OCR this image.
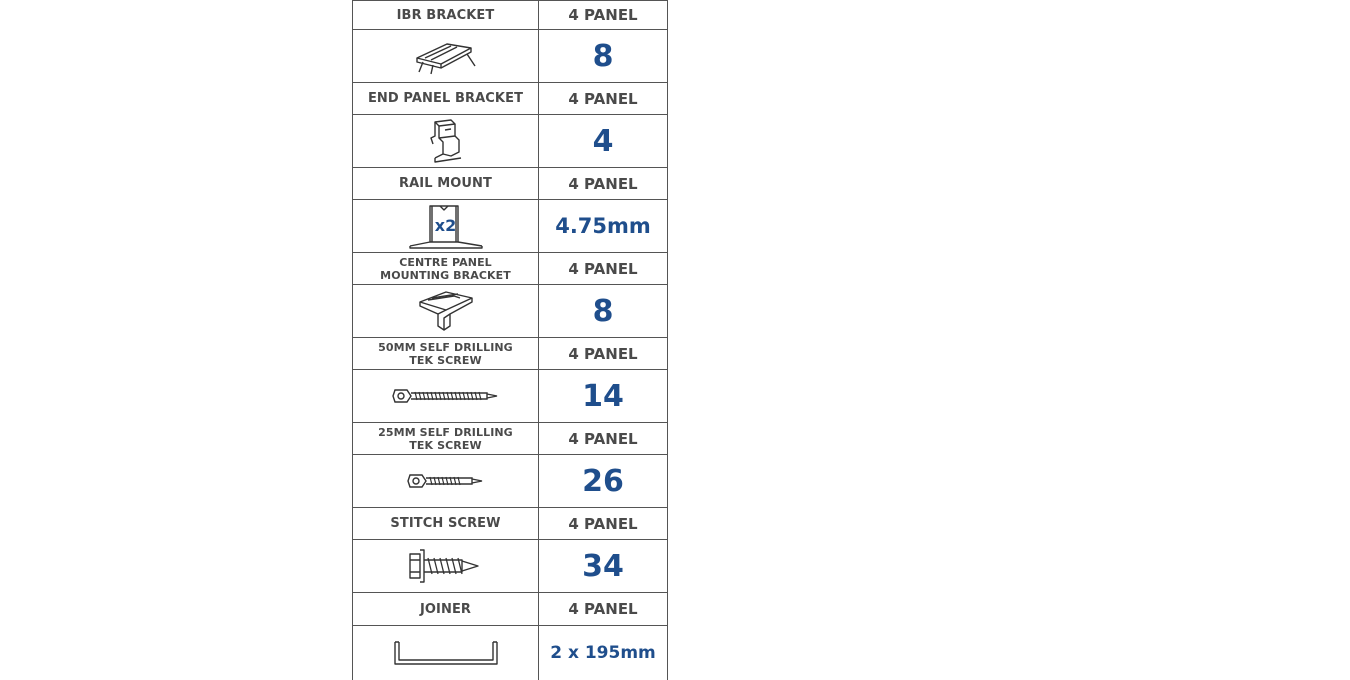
IBR BRACKET	4 PANEL
8
END PANEL BRACKET	4 PANEL
4
RAIL MOUNT	4 PANEL
x2	4.75mm
CENTRE PANEL
MOUNTING BRACKET	4 PANEL
8
50MM SELF DRILLING
TEK SCREW	4 PANEL
14
25MM SELF DRILLING
TEK SCREW	4 PANEL
26
STITCH SCREW	4 PANEL
34
JOINER	4 PANEL
2 x 195mm
